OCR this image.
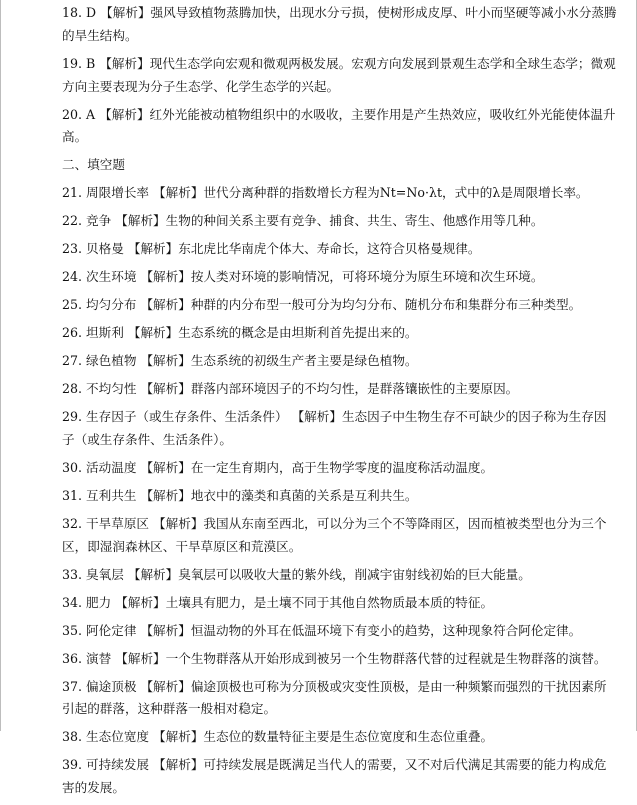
18. D 【解析】强风导致植物蒸腾加快，出现水分亏损，使树形成皮厚、叶小而坚硬等减小水分蒸腾的旱生结构。

19. B 【解析】现代生态学向宏观和微观两极发展。宏观方向发展到景观生态学和全球生态学；微观方向主要表现为分子生态学、化学生态学的兴起。

20. A 【解析】红外光能被动植物组织中的水吸收，主要作用是产生热效应，吸收红外光能使体温升高。

二、填空题

21. 周限增长率 【解析】世代分离种群的指数增长方程为Nt=No·λt，式中的λ是周限增长率。

22. 竞争 【解析】生物的种间关系主要有竞争、捕食、共生、寄生、他感作用等几种。

23. 贝格曼 【解析】东北虎比华南虎个体大、寿命长，这符合贝格曼规律。

24. 次生环境 【解析】按人类对环境的影响情况，可将环境分为原生环境和次生环境。

25. 均匀分布 【解析】种群的内分布型一般可分为均匀分布、随机分布和集群分布三种类型。

26. 坦斯利 【解析】生态系统的概念是由坦斯利首先提出来的。

27. 绿色植物 【解析】生态系统的初级生产者主要是绿色植物。

28. 不均匀性 【解析】群落内部环境因子的不均匀性，是群落镶嵌性的主要原因。

29. 生存因子（或生存条件、生活条件） 【解析】生态因子中生物生存不可缺少的因子称为生存因子（或生存条件、生活条件）。

30. 活动温度 【解析】在一定生育期内，高于生物学零度的温度称活动温度。

31. 互利共生 【解析】地衣中的藻类和真菌的关系是互利共生。

32. 干旱草原区 【解析】我国从东南至西北，可以分为三个不等降雨区，因而植被类型也分为三个区，即湿润森林区、干旱草原区和荒漠区。

33. 臭氧层 【解析】臭氧层可以吸收大量的紫外线，削减宇宙射线初始的巨大能量。

34. 肥力 【解析】土壤具有肥力，是土壤不同于其他自然物质最本质的特征。

35. 阿伦定律 【解析】恒温动物的外耳在低温环境下有变小的趋势，这种现象符合阿伦定律。

36. 演替 【解析】一个生物群落从开始形成到被另一个生物群落代替的过程就是生物群落的演替。

37. 偏途顶极 【解析】偏途顶极也可称为分顶极或灾变性顶极，是由一种频繁而强烈的干扰因素所引起的群落，这种群落一般相对稳定。

38. 生态位宽度 【解析】生态位的数量特征主要是生态位宽度和生态位重叠。

39. 可持续发展 【解析】可持续发展是既满足当代人的需要，又不对后代满足其需要的能力构成危害的发展。
